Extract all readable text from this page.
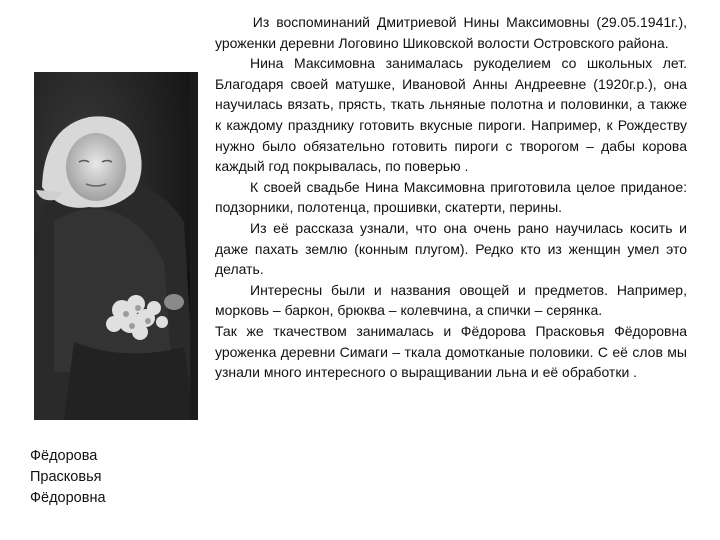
Фёдорова
Прасковья
Фёдоровна

Из воспоминаний Дмитриевой Нины Максимовны (29.05.1941г.), уроженки деревни Логовино Шиковской волости Островского района.

Нина Максимовна занималась рукоделием со школьных лет. Благодаря своей матушке, Ивановой Анны Андреевне (1920г.р.), она научилась вязать, прясть, ткать льняные полотна и половинки, а также к каждому празднику готовить вкусные пироги. Например, к Рождеству нужно было обязательно готовить пироги с творогом – дабы корова каждый год покрывалась, по поверью .

К своей свадьбе Нина Максимовна приготовила целое приданое: подзорники, полотенца, прошивки, скатерти, перины.

Из её рассказа узнали, что она очень рано научилась косить и даже пахать землю (конным плугом). Редко кто из женщин умел это делать.

Интересны были и названия овощей и предметов. Например, морковь – баркон, брюква – колевчина, а спички – серянка.

Так же ткачеством занималась и Фёдорова Прасковья Фёдоровна уроженка деревни Симаги – ткала домотканые половики. С её слов мы узнали много интересного о выращивании льна и её обработки .
